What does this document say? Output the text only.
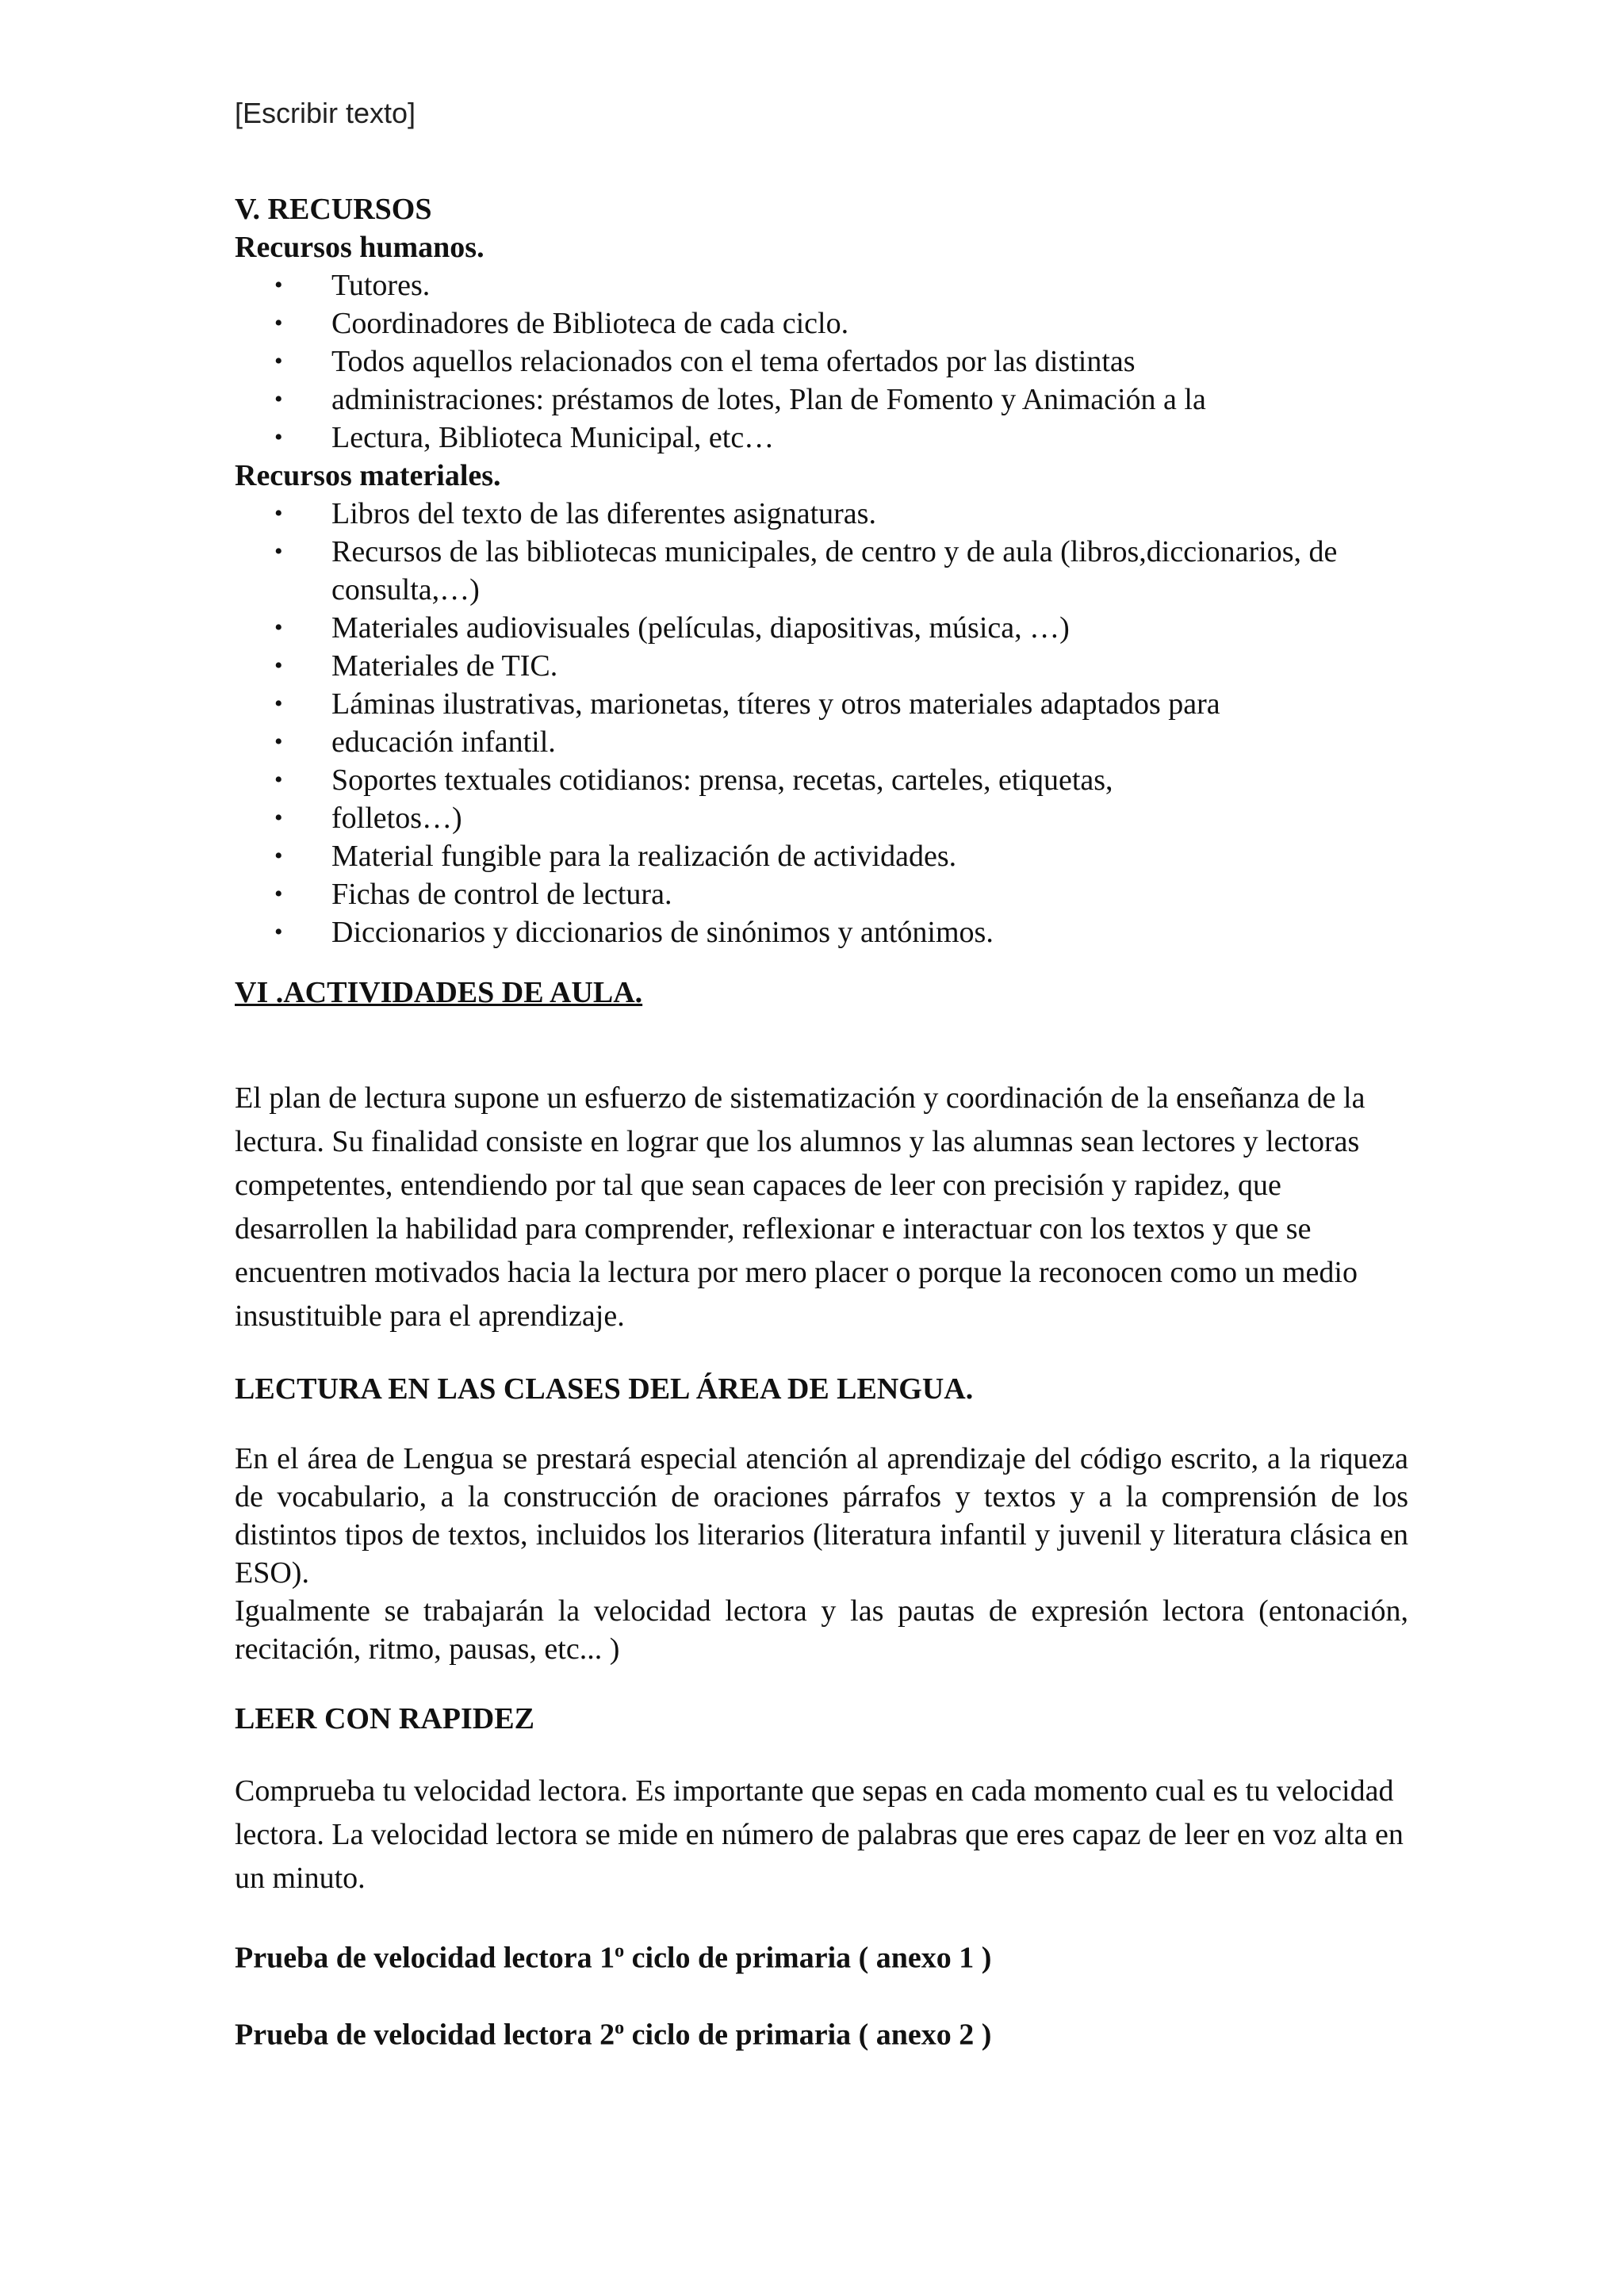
[Escribir texto]
V. RECURSOS
Recursos humanos.
• Tutores.
• Coordinadores de Biblioteca de cada ciclo.
• Todos aquellos relacionados con el tema ofertados por las distintas
• administraciones: préstamos de lotes, Plan de Fomento y Animación a la
• Lectura, Biblioteca Municipal, etc…
Recursos materiales.
• Libros del texto de las diferentes asignaturas.
• Recursos de las bibliotecas municipales, de centro y de aula (libros,diccionarios, de consulta,…)
• Materiales audiovisuales (películas, diapositivas, música, …)
• Materiales de TIC.
• Láminas ilustrativas, marionetas, títeres y otros materiales adaptados para
• educación infantil.
• Soportes textuales cotidianos: prensa, recetas, carteles, etiquetas,
• folletos…)
• Material fungible para la realización de actividades.
• Fichas de control de lectura.
• Diccionarios y diccionarios de sinónimos y antónimos.
VI .ACTIVIDADES DE AULA.

El plan de lectura supone un esfuerzo de sistematización y coordinación de la enseñanza de la lectura. Su finalidad consiste en lograr que los alumnos y las alumnas sean lectores y lectoras competentes, entendiendo por tal que sean capaces de leer con precisión y rapidez, que desarrollen la habilidad para comprender, reflexionar e interactuar con los textos y que se encuentren motivados hacia la lectura por mero placer o porque la reconocen como un medio insustituible para el aprendizaje.

LECTURA EN LAS CLASES DEL ÁREA DE LENGUA.

En el área de Lengua se prestará especial atención al aprendizaje del código escrito, a la riqueza de vocabulario, a la construcción de oraciones párrafos y textos y a la comprensión de los distintos tipos de textos, incluidos los literarios (literatura infantil y juvenil y literatura clásica en ESO).

Igualmente se trabajarán la velocidad lectora y las pautas de expresión lectora (entonación, recitación, ritmo, pausas, etc... )

LEER CON RAPIDEZ

Comprueba tu velocidad lectora. Es importante que sepas en cada momento cual es tu velocidad lectora. La velocidad lectora se mide en número de palabras que eres capaz de leer en voz alta en un minuto.

Prueba de velocidad lectora 1$^o$ ciclo de primaria ( anexo 1 )

Prueba de velocidad lectora 2$^o$ ciclo de primaria ( anexo 2 )
